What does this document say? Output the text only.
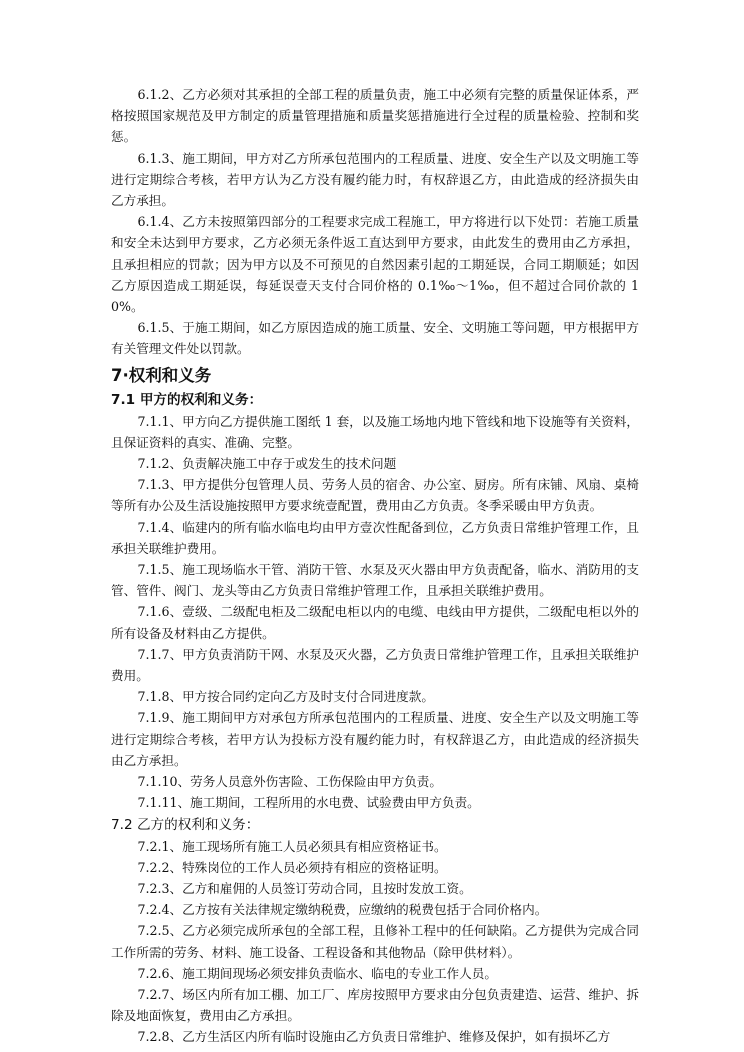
6.1.2、乙方必须对其承担的全部工程的质量负责，施工中必须有完整的质量保证体系，严格按照国家规范及甲方制定的质量管理措施和质量奖惩措施进行全过程的质量检验、控制和奖惩。

6.1.3、施工期间，甲方对乙方所承包范围内的工程质量、进度、安全生产以及文明施工等进行定期综合考核，若甲方认为乙方没有履约能力时，有权辞退乙方，由此造成的经济损失由乙方承担。

6.1.4、乙方未按照第四部分的工程要求完成工程施工，甲方将进行以下处罚：若施工质量和安全未达到甲方要求，乙方必须无条件返工直达到甲方要求，由此发生的费用由乙方承担，且承担相应的罚款；因为甲方以及不可预见的自然因素引起的工期延误，合同工期顺延；如因乙方原因造成工期延误，每延误壹天支付合同价格的 0.1‰～1‰，但不超过合同价款的 10%。

6.1.5、于施工期间，如乙方原因造成的施工质量、安全、文明施工等问题，甲方根据甲方有关管理文件处以罚款。

7·权利和义务
7.1 甲方的权利和义务：

7.1.1、甲方向乙方提供施工图纸 1 套，以及施工场地内地下管线和地下设施等有关资料，且保证资料的真实、准确、完整。

7.1.2、负责解决施工中存于或发生的技术问题

7.1.3、甲方提供分包管理人员、劳务人员的宿舍、办公室、厨房。所有床铺、风扇、桌椅等所有办公及生活设施按照甲方要求统壹配置，费用由乙方负责。冬季采暖由甲方负责。

7.1.4、临建内的所有临水临电均由甲方壹次性配备到位，乙方负责日常维护管理工作，且承担关联维护费用。

7.1.5、施工现场临水干管、消防干管、水泵及灭火器由甲方负责配备，临水、消防用的支管、管件、阀门、龙头等由乙方负责日常维护管理工作，且承担关联维护费用。

7.1.6、壹级、二级配电柜及二级配电柜以内的电缆、电线由甲方提供，二级配电柜以外的所有设备及材料由乙方提供。

7.1.7、甲方负责消防干网、水泵及灭火器，乙方负责日常维护管理工作，且承担关联维护费用。

7.1.8、甲方按合同约定向乙方及时支付合同进度款。

7.1.9、施工期间甲方对承包方所承包范围内的工程质量、进度、安全生产以及文明施工等进行定期综合考核，若甲方认为投标方没有履约能力时，有权辞退乙方，由此造成的经济损失由乙方承担。

7.1.10、劳务人员意外伤害险、工伤保险由甲方负责。

7.1.11、施工期间，工程所用的水电费、试验费由甲方负责。

7.2 乙方的权利和义务：

7.2.1、施工现场所有施工人员必须具有相应资格证书。

7.2.2、特殊岗位的工作人员必须持有相应的资格证明。

7.2.3、乙方和雇佣的人员签订劳动合同，且按时发放工资。

7.2.4、乙方按有关法律规定缴纳税费，应缴纳的税费包括于合同价格内。

7.2.5、乙方必须完成所承包的全部工程，且修补工程中的任何缺陷。乙方提供为完成合同工作所需的劳务、材料、施工设备、工程设备和其他物品（除甲供材料）。

7.2.6、施工期间现场必须安排负责临水、临电的专业工作人员。

7.2.7、场区内所有加工棚、加工厂、库房按照甲方要求由分包负责建造、运营、维护、拆除及地面恢复，费用由乙方承担。

7.2.8、乙方生活区内所有临时设施由乙方负责日常维护、维修及保护，如有损坏乙方
